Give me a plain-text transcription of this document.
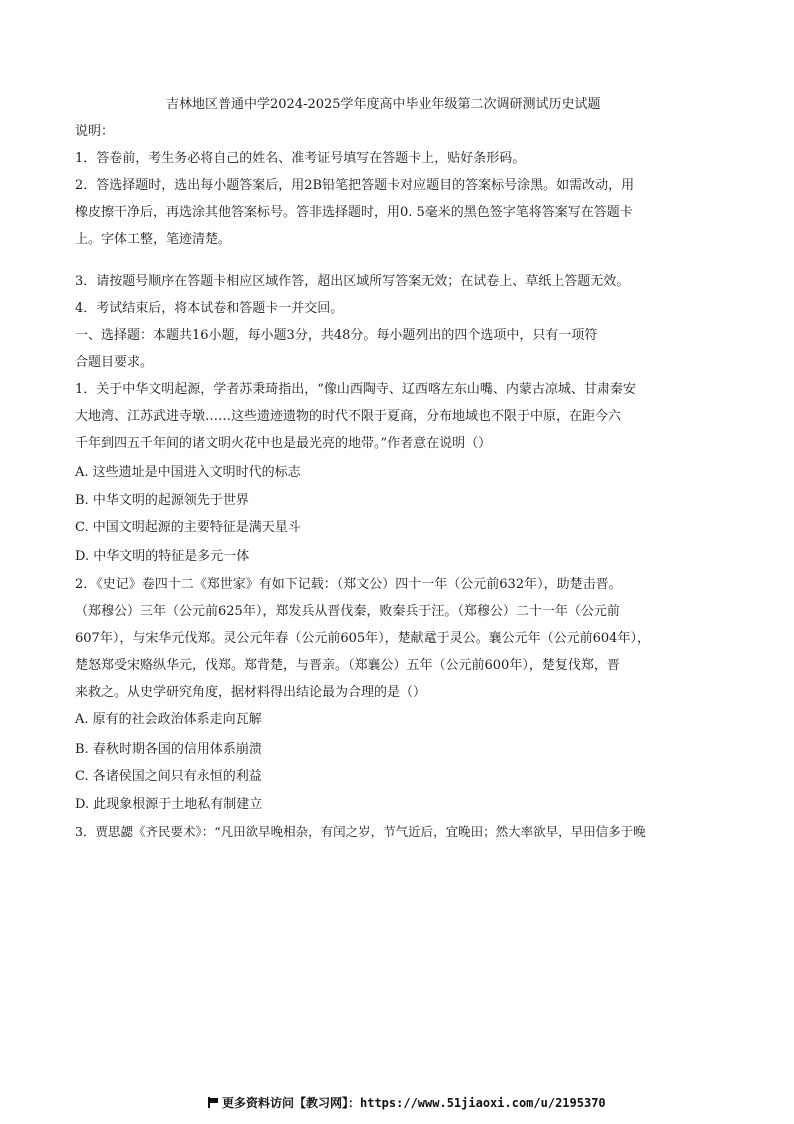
吉林地区普通中学2024-2025学年度高中毕业年级第二次调研测试历史试题
说明：
1．答卷前，考生务必将自己的姓名、准考证号填写在答题卡上，贴好条形码。
2．答选择题时，选出每小题答案后，用2B铅笔把答题卡对应题目的答案标号涂黑。如需改动，用
橡皮擦干净后，再选涂其他答案标号。答非选择题时，用0. 5毫米的黑色签字笔将答案写在答题卡
上。字体工整，笔迹清楚。
3．请按题号顺序在答题卡相应区域作答，超出区域所写答案无效；在试卷上、草纸上答题无效。
4．考试结束后，将本试卷和答题卡一并交回。
一、选择题：本题共16小题，每小题3分，共48分。每小题列出的四个选项中，只有一项符
合题目要求。
1．关于中华文明起源，学者苏秉琦指出，“像山西陶寺、辽西喀左东山嘴、内蒙古凉城、甘肃秦安
大地湾、江苏武进寺墩……这些遗迹遗物的时代不限于夏商，分布地域也不限于中原，在距今六
千年到四五千年间的诸文明火花中也是最光亮的地带。”作者意在说明（）
A. 这些遗址是中国进入文明时代的标志
B. 中华文明的起源领先于世界
C. 中国文明起源的主要特征是满天星斗
D. 中华文明的特征是多元一体
2．《史记》卷四十二《郑世家》有如下记载：（郑文公）四十一年（公元前632年），助楚击晋。
（郑穆公）三年（公元前625年），郑发兵从晋伐秦，败秦兵于汪。（郑穆公）二十一年（公元前
607年），与宋华元伐郑。灵公元年春（公元前605年），楚献鼋于灵公。襄公元年（公元前604年），
楚怒郑受宋赂纵华元，伐郑。郑背楚，与晋亲。（郑襄公）五年（公元前600年），楚复伐郑，晋
来救之。从史学研究角度，据材料得出结论最为合理的是（）
A. 原有的社会政治体系走向瓦解
B. 春秋时期各国的信用体系崩溃
C. 各诸侯国之间只有永恒的利益
D. 此现象根源于土地私有制建立
3．贾思勰《齐民要术》：“凡田欲早晚相杂，有闰之岁，节气近后，宜晚田；然大率欲早，早田信多于晚
更多资料访问【教习网】：https://www.51jiaoxi.com/u/2195370
